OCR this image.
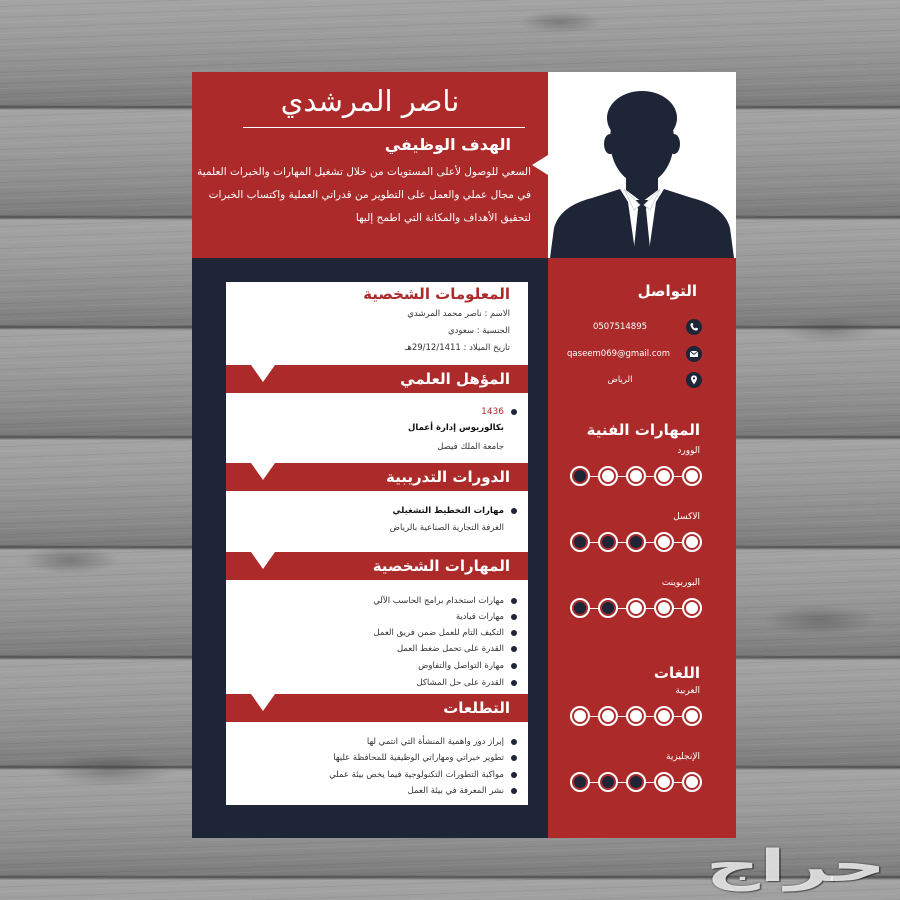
ناصر المرشدي
الهدف الوظيفي
السعي للوصول لأعلى المستويات من خلال تشغيل المهارات والخبرات العلمية
في مجال عملي والعمل على التطوير من قدراتي العملية واكتساب الخبرات
لتحقيق الأهداف والمكانة التي اطمح إليها
المعلومات الشخصية
الاسم : ناصر محمد المرشدي
الجنسية : سعودي
تاريخ الميلاد : 29/12/1411هـ
المؤهل العلمي
1436
بكالوريوس إدارة أعمال
جامعة الملك فيصل
الدورات التدريبية
مهارات التخطيط التشغيلي
الغرفة التجارية الصناعية بالرياض
المهارات الشخصية
مهارات استخدام برامج الحاسب الآلي
مهارات قيادية
التكيف التام للعمل ضمن فريق العمل
القدرة على تحمل ضغط العمل
مهارة التواصل والتفاوض
القدرة على حل المشاكل
التطلعات
إبراز دور واهمية المنشأة التي انتمي لها
تطوير خبراتي ومهاراتي الوظيفية للمحافظة عليها
مواكبة التطورات التكنولوجية فيما يخص بيئة عملي
نشر المعرفة في بيئة العمل
التواصل
0507514895
qaseem069@gmail.com
الرياض
المهارات الفنية
الوورد
الاكسل
البوربوينت
اللغات
العربية
الإنجليزية
حراج
